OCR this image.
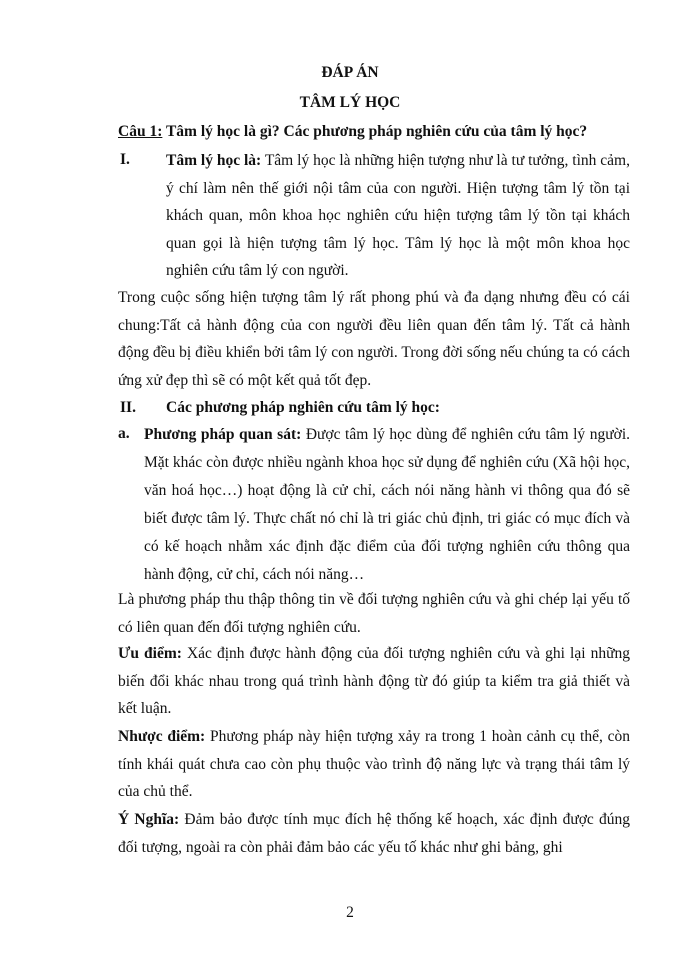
ĐÁP ÁN
TÂM LÝ HỌC
Câu 1: Tâm lý học là gì? Các phương pháp nghiên cứu của tâm lý học?
I. Tâm lý học là: Tâm lý học là những hiện tượng như là tư tưởng, tình cảm, ý chí làm nên thế giới nội tâm của con người. Hiện tượng tâm lý tồn tại khách quan, môn khoa học nghiên cứu hiện tượng tâm lý tồn tại khách quan gọi là hiện tượng tâm lý học. Tâm lý học là một môn khoa học nghiên cứu tâm lý con người.
Trong cuộc sống hiện tượng tâm lý rất phong phú và đa dạng nhưng đều có cái chung:Tất cả hành động của con người đều liên quan đến tâm lý. Tất cả hành động đều bị điều khiển bởi tâm lý con người. Trong đời sống nếu chúng ta có cách ứng xử đẹp thì sẽ có một kết quả tốt đẹp.
II. Các phương pháp nghiên cứu tâm lý học:
a. Phương pháp quan sát: Được tâm lý học dùng để nghiên cứu tâm lý người. Mặt khác còn được nhiều ngành khoa học sử dụng để nghiên cứu (Xã hội học, văn hoá học…) hoạt động là cử chỉ, cách nói năng hành vi thông qua đó sẽ biết được tâm lý. Thực chất nó chỉ là tri giác chủ định, tri giác có mục đích và có kế hoạch nhằm xác định đặc điểm của đối tượng nghiên cứu thông qua hành động, cử chỉ, cách nói năng…
Là phương pháp thu thập thông tin về đối tượng nghiên cứu và ghi chép lại yếu tố có liên quan đến đối tượng nghiên cứu.
Ưu điểm: Xác định được hành động của đối tượng nghiên cứu và ghi lại những biến đổi khác nhau trong quá trình hành động từ đó giúp ta kiểm tra giả thiết và kết luận.
Nhược điểm: Phương pháp này hiện tượng xảy ra trong 1 hoàn cảnh cụ thể, còn tính khái quát chưa cao còn phụ thuộc vào trình độ năng lực và trạng thái tâm lý của chủ thể.
Ý Nghĩa: Đảm bảo được tính mục đích hệ thống kế hoạch, xác định được đúng đối tượng, ngoài ra còn phải đảm bảo các yếu tố khác như ghi bảng, ghi
2
